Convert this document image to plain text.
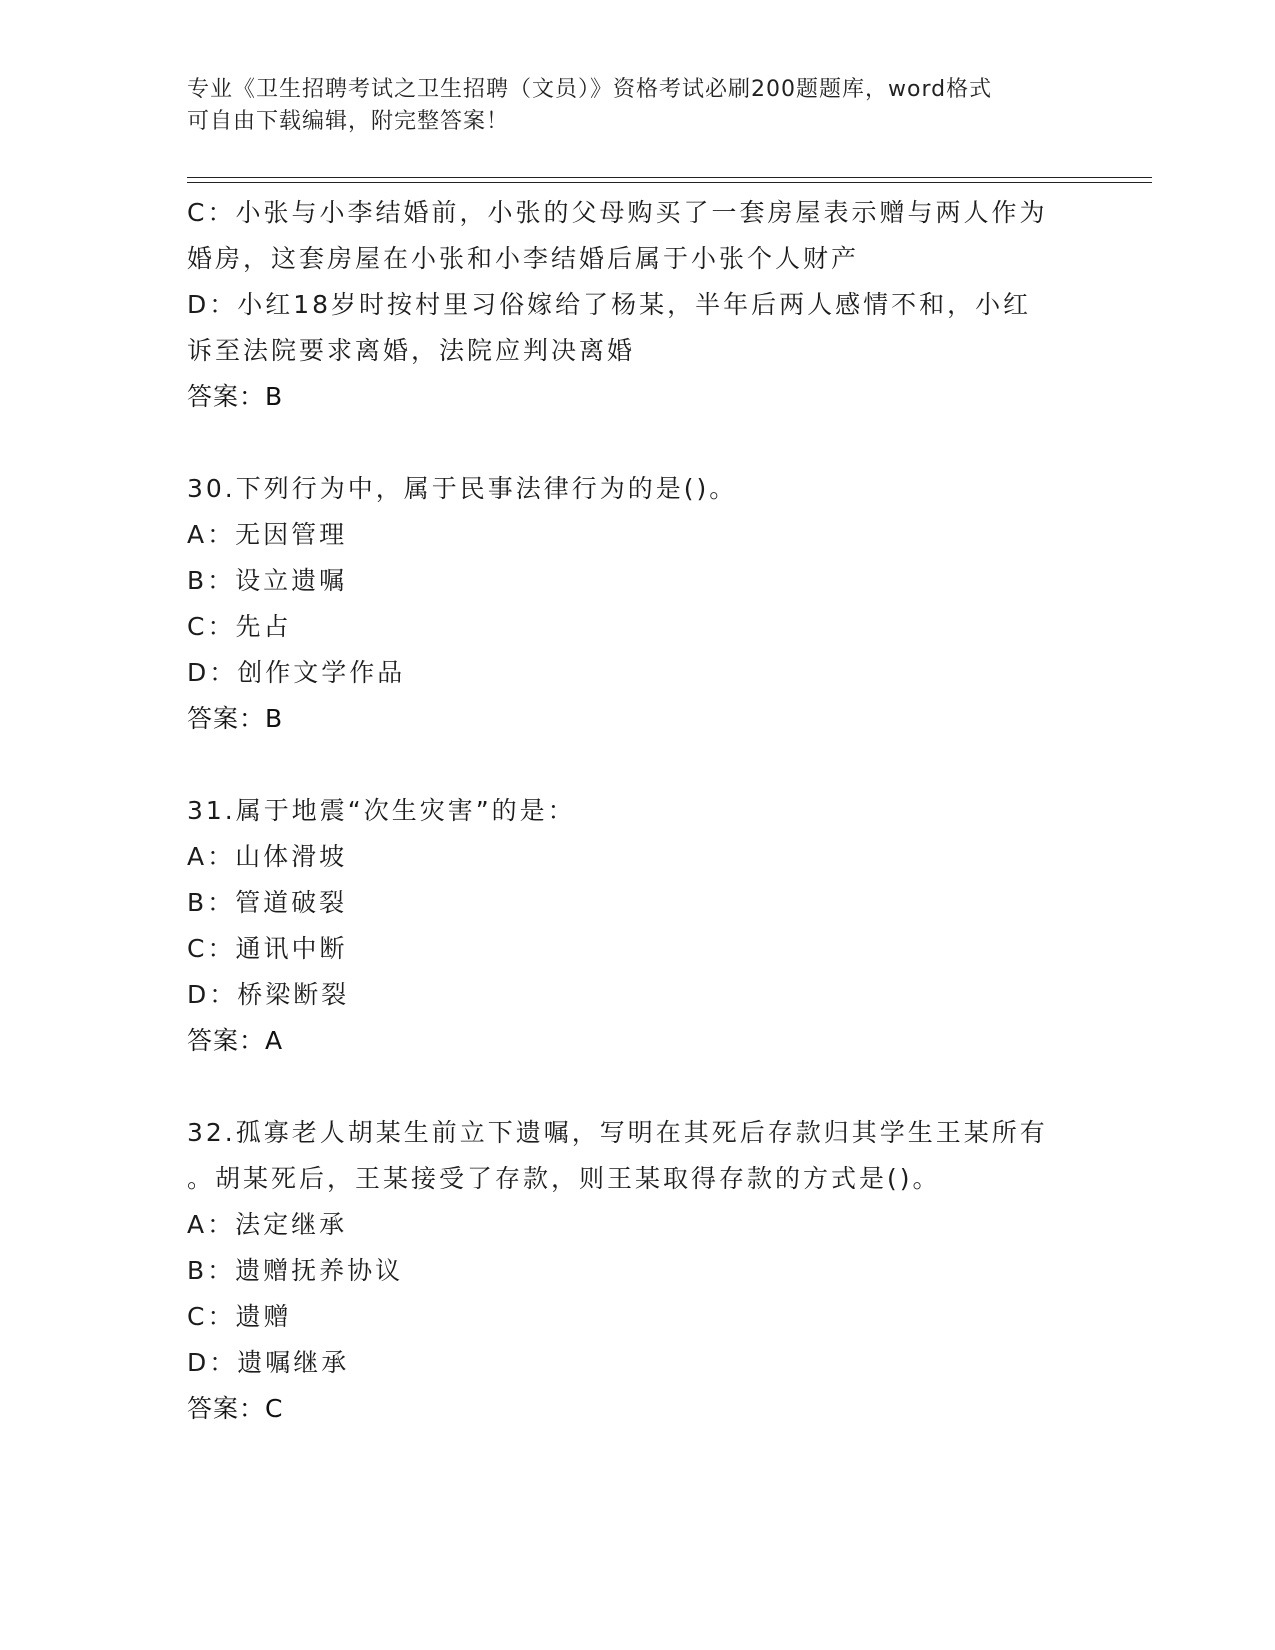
专业《卫生招聘考试之卫生招聘（文员）》资格考试必刷200题题库，word格式
可自由下载编辑，附完整答案！
C：小张与小李结婚前，小张的父母购买了一套房屋表示赠与两人作为
婚房，这套房屋在小张和小李结婚后属于小张个人财产
D：小红18岁时按村里习俗嫁给了杨某，半年后两人感情不和，小红
诉至法院要求离婚，法院应判决离婚
答案：B
30.下列行为中，属于民事法律行为的是()。
A：无因管理
B：设立遗嘱
C：先占
D：创作文学作品
答案：B
31.属于地震“次生灾害”的是：
A：山体滑坡
B：管道破裂
C：通讯中断
D：桥梁断裂
答案：A
32.孤寡老人胡某生前立下遗嘱，写明在其死后存款归其学生王某所有
。胡某死后，王某接受了存款，则王某取得存款的方式是()。
A：法定继承
B：遗赠抚养协议
C：遗赠
D：遗嘱继承
答案：C
